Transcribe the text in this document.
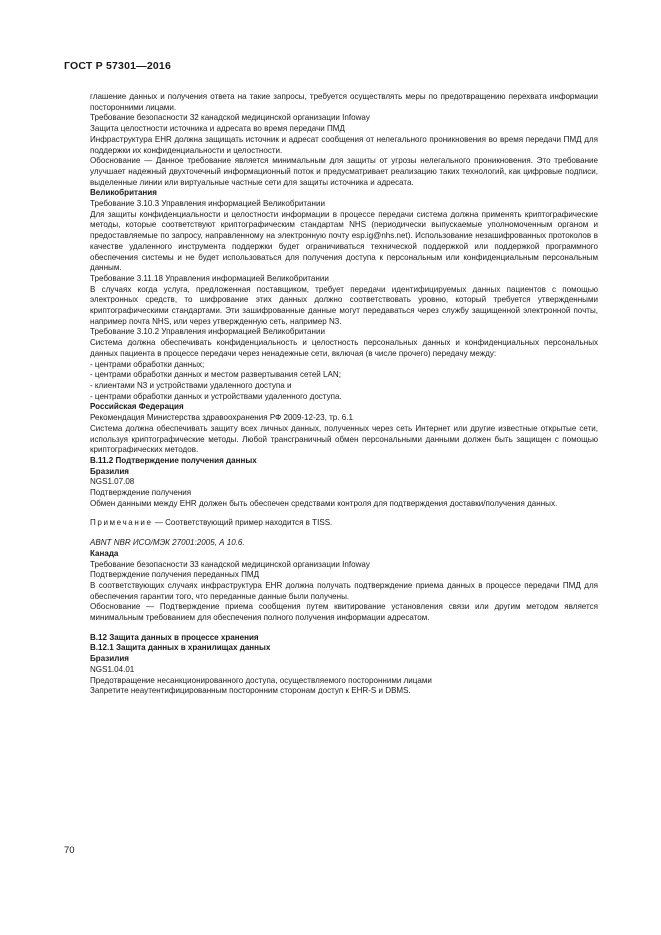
ГОСТ Р 57301—2016

глашение данных и получения ответа на такие запросы, требуется осуществлять меры по предотвращению перехвата информации посторонними лицами.

Требование безопасности 32 канадской медицинской организации Infoway

Защита целостности источника и адресата во время передачи ПМД

Инфраструктура EHR должна защищать источник и адресат сообщения от нелегального проникновения во время передачи ПМД для поддержки их конфиденциальности и целостности.

Обоснование — Данное требование является минимальным для защиты от угрозы нелегального проникновения. Это требование улучшает надежный двухточечный информационный поток и предусматривает реализацию таких технологий, как цифровые подписи, выделенные линии или виртуальные частные сети для защиты источника и адресата.

Великобритания

Требование 3.10.3 Управления информацией Великобритании

Для защиты конфиденциальности и целостности информации в процессе передачи система должна применять криптографические методы, которые соответствуют криптографическим стандартам NHS (периодически выпускаемые уполномоченным органом и предоставляемые по запросу, направленному на электронную почту esp.ig@nhs.net). Использование незашифрованных протоколов в качестве удаленного инструмента поддержки будет ограничиваться технической поддержкой или поддержкой программного обеспечения системы и не будет использоваться для получения доступа к персональным или конфиденциальным персональным данным.

Требование 3.11.18 Управления информацией Великобритании

В случаях когда услуга, предложенная поставщиком, требует передачи идентифицируемых данных пациентов с помощью электронных средств, то шифрование этих данных должно соответствовать уровню, который требуется утвержденными криптографическими стандартами. Эти зашифрованные данные могут передаваться через службу защищенной электронной почты, например почта NHS, или через утвержденную сеть, например N3.

Требование 3.10.2 Управления информацией Великобритании

Система должна обеспечивать конфиденциальность и целостность персональных данных и конфиденциальных персональных данных пациента в процессе передачи через ненадежные сети, включая (в числе прочего) передачу между:

- центрами обработки данных;

- центрами обработки данных и местом развертывания сетей LAN;

- клиентами N3 и устройствами удаленного доступа и

- центрами обработки данных и устройствами удаленного доступа.

Российская Федерация

Рекомендация Министерства здравоохранения РФ 2009-12-23, тр. 6.1

Система должна обеспечивать защиту всех личных данных, полученных через сеть Интернет или другие известные открытые сети, используя криптографические методы. Любой трансграничный обмен персональными данными должен быть защищен с помощью криптографических методов.

В.11.2 Подтверждение получения данных

Бразилия

NGS1.07.08

Подтверждение получения

Обмен данными между EHR должен быть обеспечен средствами контроля для подтверждения доставки/получения данных.

Примечание — Соответствующий пример находится в TISS.

ABNT NBR ИСО/МЭК 27001:2005, А 10.6.

Канада

Требование безопасности 33 канадской медицинской организации Infoway

Подтверждение получения переданных ПМД

В соответствующих случаях инфраструктура EHR должна получать подтверждение приема данных в процессе передачи ПМД для обеспечения гарантии того, что переданные данные были получены.

Обоснование — Подтверждение приема сообщения путем квитирование установления связи или другим методом является минимальным требованием для обеспечения полного получения информации адресатом.

В.12 Защита данных в процессе хранения

В.12.1 Защита данных в хранилищах данных

Бразилия

NGS1.04.01

Предотвращение несанкционированного доступа, осуществляемого посторонними лицами

Запретите неаутентифицированным посторонним сторонам доступ к EHR-S и DBMS.

70
